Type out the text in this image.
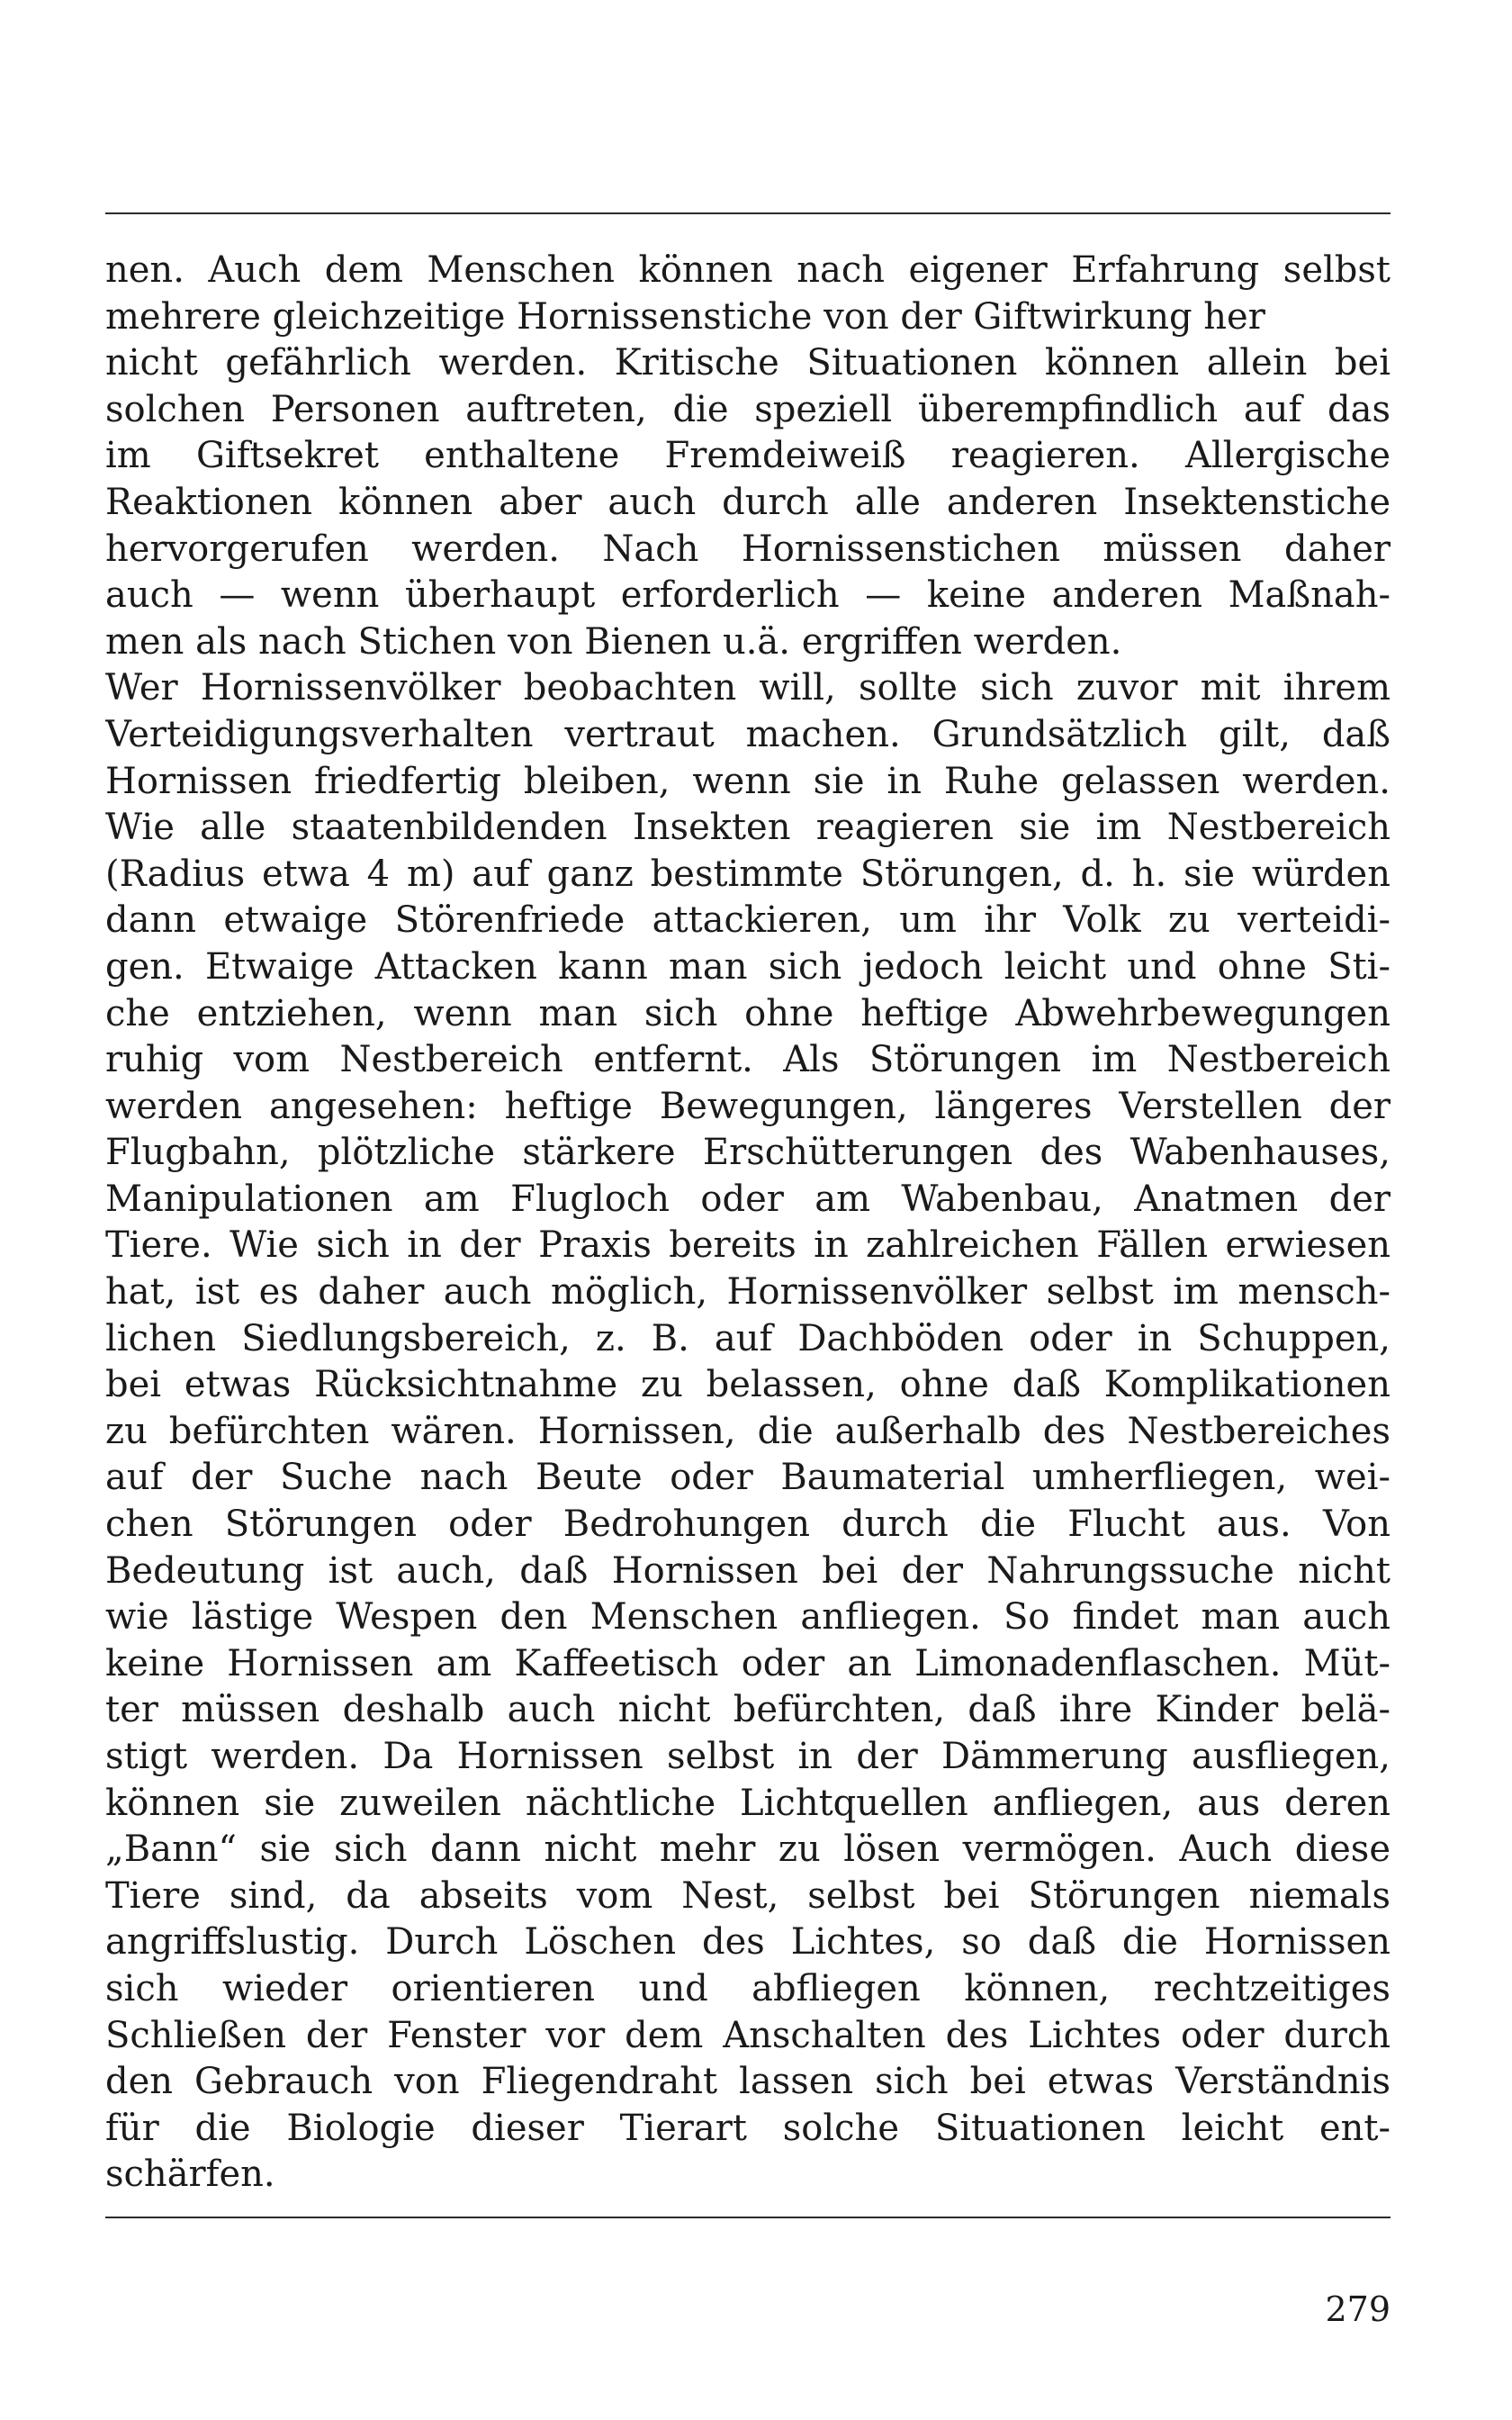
nen. Auch dem Menschen können nach eigener Erfahrung selbst
mehrere gleichzeitige Hornissenstiche von der Giftwirkung her
nicht gefährlich werden. Kritische Situationen können allein bei
solchen Personen auftreten, die speziell überempfindlich auf das
im Giftsekret enthaltene Fremdeiweiß reagieren. Allergische
Reaktionen können aber auch durch alle anderen Insektenstiche
hervorgerufen werden. Nach Hornissenstichen müssen daher
auch — wenn überhaupt erforderlich — keine anderen Maßnah-
men als nach Stichen von Bienen u.ä. ergriffen werden.
Wer Hornissenvölker beobachten will, sollte sich zuvor mit ihrem
Verteidigungsverhalten vertraut machen. Grundsätzlich gilt, daß
Hornissen friedfertig bleiben, wenn sie in Ruhe gelassen werden.
Wie alle staatenbildenden Insekten reagieren sie im Nestbereich
(Radius etwa 4 m) auf ganz bestimmte Störungen, d. h. sie würden
dann etwaige Störenfriede attackieren, um ihr Volk zu verteidi-
gen. Etwaige Attacken kann man sich jedoch leicht und ohne Sti-
che entziehen, wenn man sich ohne heftige Abwehrbewegungen
ruhig vom Nestbereich entfernt. Als Störungen im Nestbereich
werden angesehen: heftige Bewegungen, längeres Verstellen der
Flugbahn, plötzliche stärkere Erschütterungen des Wabenhauses,
Manipulationen am Flugloch oder am Wabenbau, Anatmen der
Tiere. Wie sich in der Praxis bereits in zahlreichen Fällen erwiesen
hat, ist es daher auch möglich, Hornissenvölker selbst im mensch-
lichen Siedlungsbereich, z. B. auf Dachböden oder in Schuppen,
bei etwas Rücksichtnahme zu belassen, ohne daß Komplikationen
zu befürchten wären. Hornissen, die außerhalb des Nestbereiches
auf der Suche nach Beute oder Baumaterial umherfliegen, wei-
chen Störungen oder Bedrohungen durch die Flucht aus. Von
Bedeutung ist auch, daß Hornissen bei der Nahrungssuche nicht
wie lästige Wespen den Menschen anfliegen. So findet man auch
keine Hornissen am Kaffeetisch oder an Limonadenflaschen. Müt-
ter müssen deshalb auch nicht befürchten, daß ihre Kinder belä-
stigt werden. Da Hornissen selbst in der Dämmerung ausfliegen,
können sie zuweilen nächtliche Lichtquellen anfliegen, aus deren
„Bann“ sie sich dann nicht mehr zu lösen vermögen. Auch diese
Tiere sind, da abseits vom Nest, selbst bei Störungen niemals
angriffslustig. Durch Löschen des Lichtes, so daß die Hornissen
sich wieder orientieren und abfliegen können, rechtzeitiges
Schließen der Fenster vor dem Anschalten des Lichtes oder durch
den Gebrauch von Fliegendraht lassen sich bei etwas Verständnis
für die Biologie dieser Tierart solche Situationen leicht ent-
schärfen.
279
